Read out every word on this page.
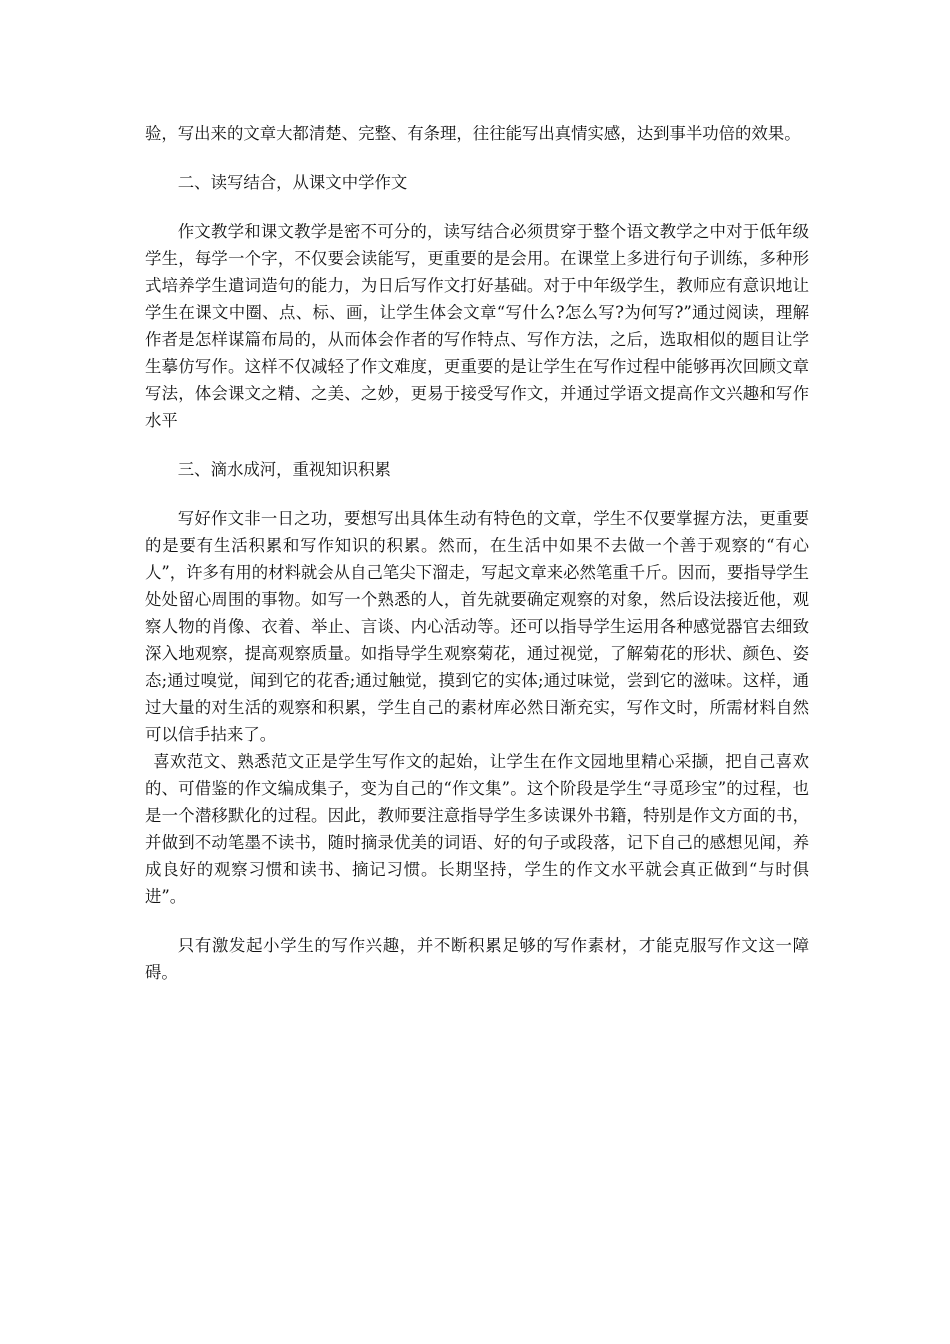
验，写出来的文章大都清楚、完整、有条理，往往能写出真情实感，达到事半功倍的效果。

二、读写结合，从课文中学作文

作文教学和课文教学是密不可分的，读写结合必须贯穿于整个语文教学之中对于低年级学生，每学一个字，不仅要会读能写，更重要的是会用。在课堂上多进行句子训练，多种形式培养学生遣词造句的能力，为日后写作文打好基础。对于中年级学生，教师应有意识地让学生在课文中圈、点、标、画，让学生体会文章“写什么?怎么写?为何写?”通过阅读，理解作者是怎样谋篇布局的，从而体会作者的写作特点、写作方法，之后，选取相似的题目让学生摹仿写作。这样不仅减轻了作文难度，更重要的是让学生在写作过程中能够再次回顾文章写法，体会课文之精、之美、之妙，更易于接受写作文，并通过学语文提高作文兴趣和写作水平

三、滴水成河，重视知识积累

写好作文非一日之功，要想写出具体生动有特色的文章，学生不仅要掌握方法，更重要的是要有生活积累和写作知识的积累。然而，在生活中如果不去做一个善于观察的“有心人”，许多有用的材料就会从自己笔尖下溜走，写起文章来必然笔重千斤。因而，要指导学生处处留心周围的事物。如写一个熟悉的人，首先就要确定观察的对象，然后设法接近他，观察人物的肖像、衣着、举止、言谈、内心活动等。还可以指导学生运用各种感觉器官去细致深入地观察，提高观察质量。如指导学生观察菊花，通过视觉，了解菊花的形状、颜色、姿态;通过嗅觉，闻到它的花香;通过触觉，摸到它的实体;通过味觉，尝到它的滋味。这样，通过大量的对生活的观察和积累，学生自己的素材库必然日渐充实，写作文时，所需材料自然可以信手拈来了。

喜欢范文、熟悉范文正是学生写作文的起始，让学生在作文园地里精心采撷，把自己喜欢的、可借鉴的作文编成集子，变为自己的“作文集”。这个阶段是学生“寻觅珍宝”的过程，也是一个潜移默化的过程。因此，教师要注意指导学生多读课外书籍，特别是作文方面的书，并做到不动笔墨不读书，随时摘录优美的词语、好的句子或段落，记下自己的感想见闻，养成良好的观察习惯和读书、摘记习惯。长期坚持，学生的作文水平就会真正做到“与时俱进”。

只有激发起小学生的写作兴趣，并不断积累足够的写作素材，才能克服写作文这一障碍。
